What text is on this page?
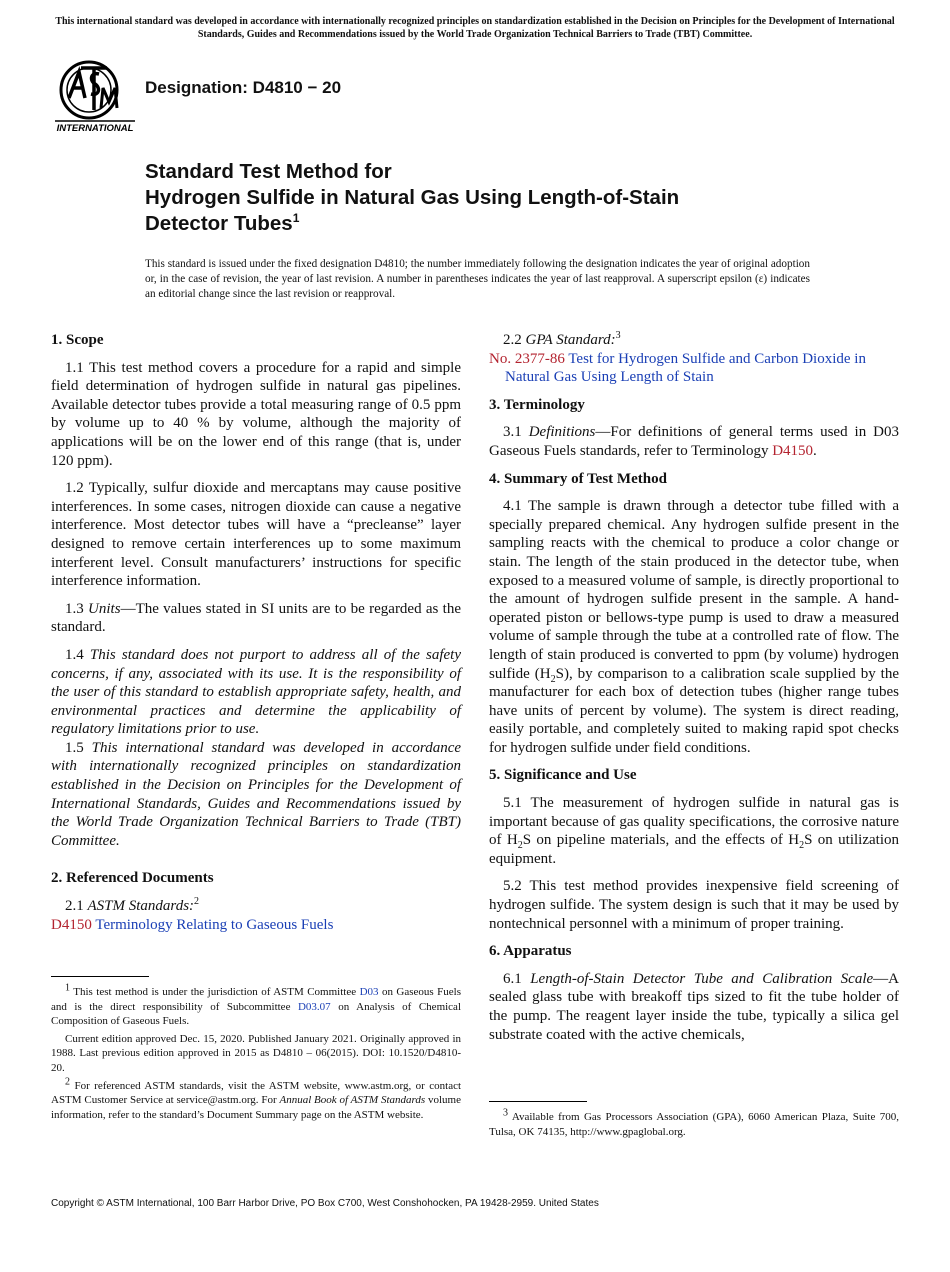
This international standard was developed in accordance with internationally recognized principles on standardization established in the Decision on Principles for the Development of International Standards, Guides and Recommendations issued by the World Trade Organization Technical Barriers to Trade (TBT) Committee.
INTERNATIONAL
Designation: D4810 − 20
Standard Test Method for
Hydrogen Sulfide in Natural Gas Using Length-of-Stain
Detector Tubes$^1$
This standard is issued under the fixed designation D4810; the number immediately following the designation indicates the year of original adoption or, in the case of revision, the year of last revision. A number in parentheses indicates the year of last reapproval. A superscript epsilon (ε) indicates an editorial change since the last revision or reapproval.
1. Scope

1.1 This test method covers a procedure for a rapid and simple field determination of hydrogen sulfide in natural gas pipelines. Available detector tubes provide a total measuring range of 0.5 ppm by volume up to 40 % by volume, although the majority of applications will be on the lower end of this range (that is, under 120 ppm).

1.2 Typically, sulfur dioxide and mercaptans may cause positive interferences. In some cases, nitrogen dioxide can cause a negative interference. Most detector tubes will have a “precleanse” layer designed to remove certain interferences up to some maximum interferent level. Consult manufacturers’ instructions for specific interference information.

1.3 Units—The values stated in SI units are to be regarded as the standard.

1.4 This standard does not purport to address all of the safety concerns, if any, associated with its use. It is the responsibility of the user of this standard to establish appropriate safety, health, and environmental practices and determine the applicability of regulatory limitations prior to use.

1.5 This international standard was developed in accordance with internationally recognized principles on standardization established in the Decision on Principles for the Development of International Standards, Guides and Recommendations issued by the World Trade Organization Technical Barriers to Trade (TBT) Committee.

2. Referenced Documents

2.1 ASTM Standards:$^2$

D4150 Terminology Relating to Gaseous Fuels

2.2 GPA Standard:$^3$

No. 2377-86 Test for Hydrogen Sulfide and Carbon Dioxide in Natural Gas Using Length of Stain
3. Terminology

3.1 Definitions—For definitions of general terms used in D03 Gaseous Fuels standards, refer to Terminology D4150.

4. Summary of Test Method

4.1 The sample is drawn through a detector tube filled with a specially prepared chemical. Any hydrogen sulfide present in the sampling reacts with the chemical to produce a color change or stain. The length of the stain produced in the detector tube, when exposed to a measured volume of sample, is directly proportional to the amount of hydrogen sulfide present in the sample. A hand-operated piston or bellows-type pump is used to draw a measured volume of sample through the tube at a controlled rate of flow. The length of stain produced is converted to ppm (by volume) hydrogen sulfide $(H_2S)$, by comparison to a calibration scale supplied by the manufacturer for each box of detection tubes (higher range tubes have units of percent by volume). The system is direct reading, easily portable, and completely suited to making rapid spot checks for hydrogen sulfide under field conditions.

5. Significance and Use

5.1 The measurement of hydrogen sulfide in natural gas is important because of gas quality specifications, the corrosive nature of $H_2S$ on pipeline materials, and the effects of $H_2S$ on utilization equipment.

5.2 This test method provides inexpensive field screening of hydrogen sulfide. The system design is such that it may be used by nontechnical personnel with a minimum of proper training.

6. Apparatus

6.1 Length-of-Stain Detector Tube and Calibration Scale—A sealed glass tube with breakoff tips sized to fit the tube holder of the pump. The reagent layer inside the tube, typically a silica gel substrate coated with the active chemicals,

$^1$ This test method is under the jurisdiction of ASTM Committee D03 on Gaseous Fuels and is the direct responsibility of Subcommittee D03.07 on Analysis of Chemical Composition of Gaseous Fuels.

Current edition approved Dec. 15, 2020. Published January 2021. Originally approved in 1988. Last previous edition approved in 2015 as D4810 – 06(2015). DOI: 10.1520/D4810-20.

$^2$ For referenced ASTM standards, visit the ASTM website, www.astm.org, or contact ASTM Customer Service at service@astm.org. For Annual Book of ASTM Standards volume information, refer to the standard’s Document Summary page on the ASTM website.	$^3$ Available from Gas Processors Association (GPA), 6060 American Plaza, Suite 700, Tulsa, OK 74135, http://www.gpaglobal.org.

Copyright © ASTM International, 100 Barr Harbor Drive, PO Box C700, West Conshohocken, PA 19428-2959. United States
